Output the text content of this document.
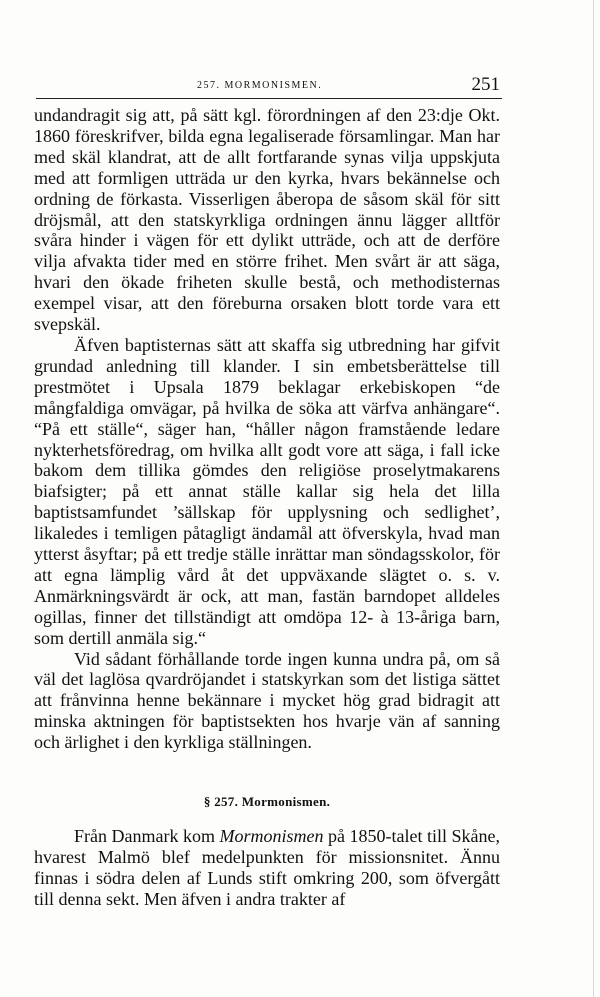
257. MORMONISMEN.	251

undandragit sig att, på sätt kgl. förordningen af den 23:dje Okt. 1860 föreskrifver, bilda egna legaliserade församlingar. Man har med skäl klandrat, att de allt fortfarande synas vilja uppskjuta med att formligen utträda ur den kyrka, hvars bekännelse och ordning de förkasta. Visserligen åberopa de såsom skäl för sitt dröjsmål, att den statskyrkliga ordningen ännu lägger alltför svåra hinder i vägen för ett dylikt utträde, och att de derföre vilja afvakta tider med en större frihet. Men svårt är att säga, hvari den ökade friheten skulle bestå, och methodisternas exempel visar, att den föreburna orsaken blott torde vara ett svepskäl.

Äfven baptisternas sätt att skaffa sig utbredning har gifvit grundad anledning till klander. I sin embetsberättelse till prestmötet i Upsala 1879 beklagar erkebiskopen “de mångfaldiga omvägar, på hvilka de söka att värfva anhängare“. “På ett ställe“, säger han, “håller någon framstående ledare nykterhetsföredrag, om hvilka allt godt vore att säga, i fall icke bakom dem tillika gömdes den religiöse proselytmakarens biafsigter; på ett annat ställe kallar sig hela det lilla baptistsamfundet ’sällskap för upplysning och sedlighet’, likaledes i temligen påtagligt ändamål att öfverskyla, hvad man ytterst åsyftar; på ett tredje ställe inrättar man söndagsskolor, för att egna lämplig vård åt det uppväxande slägtet o. s. v. Anmärkningsvärdt är ock, att man, fastän barndopet alldeles ogillas, finner det tillständigt att omdöpa 12- à 13-åriga barn, som dertill anmäla sig.“

Vid sådant förhållande torde ingen kunna undra på, om så väl det laglösa qvardröjandet i statskyrkan som det listiga sättet att frånvinna henne bekännare i mycket hög grad bidragit att minska aktningen för baptistsekten hos hvarje vän af sanning och ärlighet i den kyrkliga ställningen.

§ 257. Mormonismen.

Från Danmark kom Mormonismen på 1850-talet till Skåne, hvarest Malmö blef medelpunkten för missionsnitet. Ännu finnas i södra delen af Lunds stift omkring 200, som öfvergått till denna sekt. Men äfven i andra trakter af
